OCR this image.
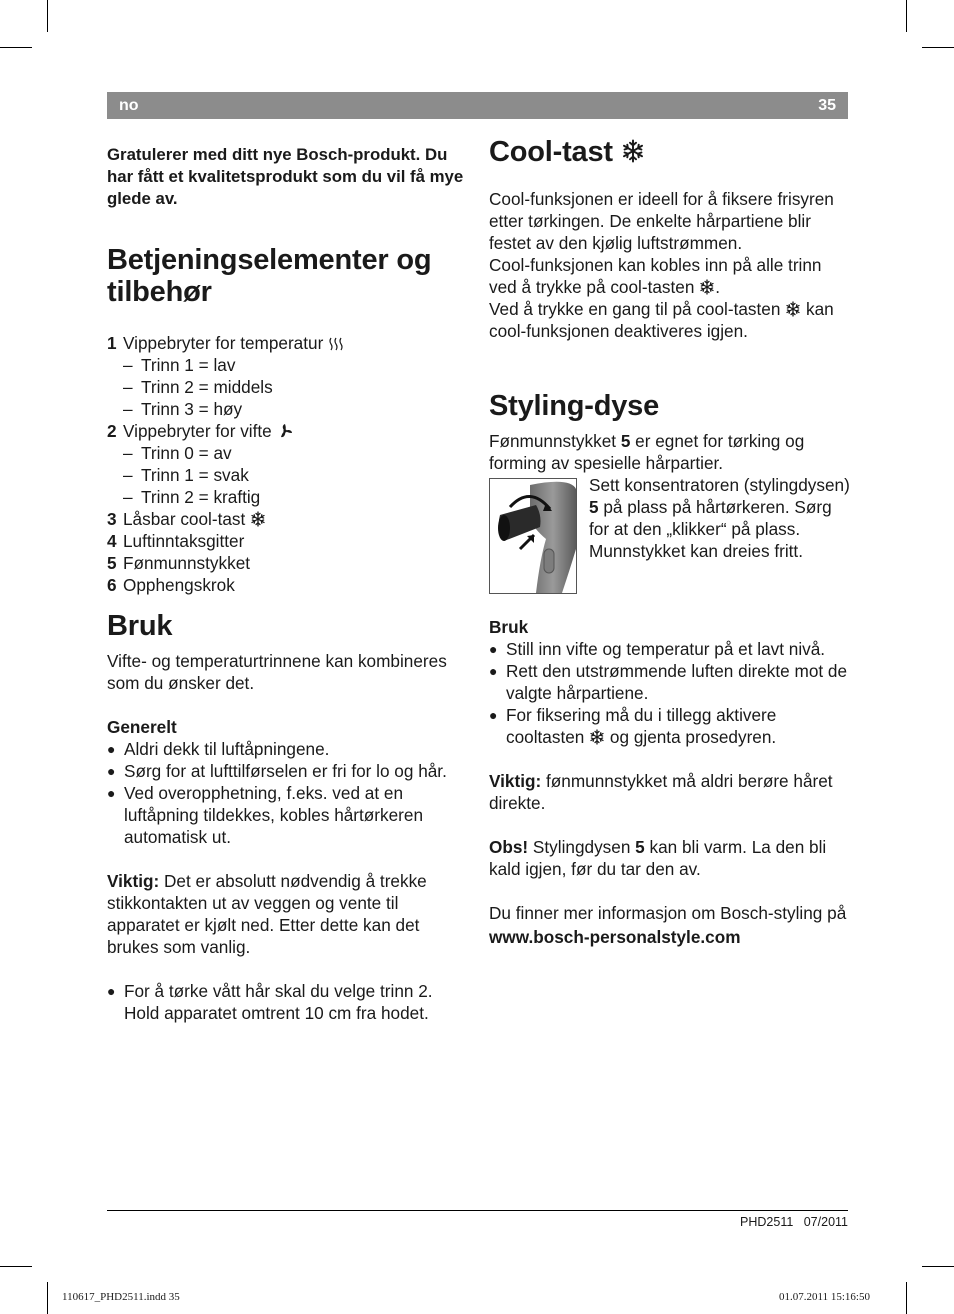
no	35

Gratulerer med ditt nye Bosch-produkt. Du har fått et kvalitetsprodukt som du vil få mye glede av.

Betjeningselementer og tilbehør
1 Vippebryter for temperatur
– Trinn 1 = lav
– Trinn 2 = middels
– Trinn 3 = høy
2 Vippebryter for vifte
– Trinn 0 = av
– Trinn 1 = svak
– Trinn 2 = kraftig
3 Låsbar cool-tast
4 Luftinntaksgitter
5 Fønmunnstykket
6 Opphengskrok
Bruk

Vifte- og temperaturtrinnene kan kombineres som du ønsker det.

Generelt

● Aldri dekk til luftåpningene.
● Sørg for at lufttilførselen er fri for lo og hår.
● Ved overopphetning, f.eks. ved at en luftåpning tildekkes, kobles hårtørkeren automatisk ut.

Viktig: Det er absolutt nødvendig å trekke stikkontakten ut av veggen og vente til apparatet er kjølt ned. Etter dette kan det brukes som vanlig.

● For å tørke vått hår skal du velge trinn 2. Hold apparatet omtrent 10 cm fra hodet.
Cool-tast

Cool-funksjonen er ideell for å fiksere frisyren etter tørkingen. De enkelte hårpartiene blir festet av den kjølig luftstrømmen.

Cool-funksjonen kan kobles inn på alle trinn ved å trykke på cool-tasten .

Ved å trykke en gang til på cool-tasten kan cool-funksjonen deaktiveres igjen.

Styling-dyse

Fønmunnstykket 5 er egnet for tørking og forming av spesielle hårpartier.

Sett konsentratoren (stylingdysen) 5 på plass på hårtørkeren. Sørg for at den „klikker“ på plass. Munnstykket kan dreies fritt.

Bruk

● Still inn vifte og temperatur på et lavt nivå.
● Rett den utstrømmende luften direkte mot de valgte hårpartiene.
● For fiksering må du i tillegg aktivere cooltasten og gjenta prosedyren.

Viktig: fønmunnstykket må aldri berøre håret direkte.

Obs! Stylingdysen 5 kan bli varm. La den bli kald igjen, før du tar den av.

Du finner mer informasjon om Bosch-styling på

www.bosch-personalstyle.com

PHD2511 07/2011
110617_PHD2511.indd 35	01.07.2011 15:16:50
